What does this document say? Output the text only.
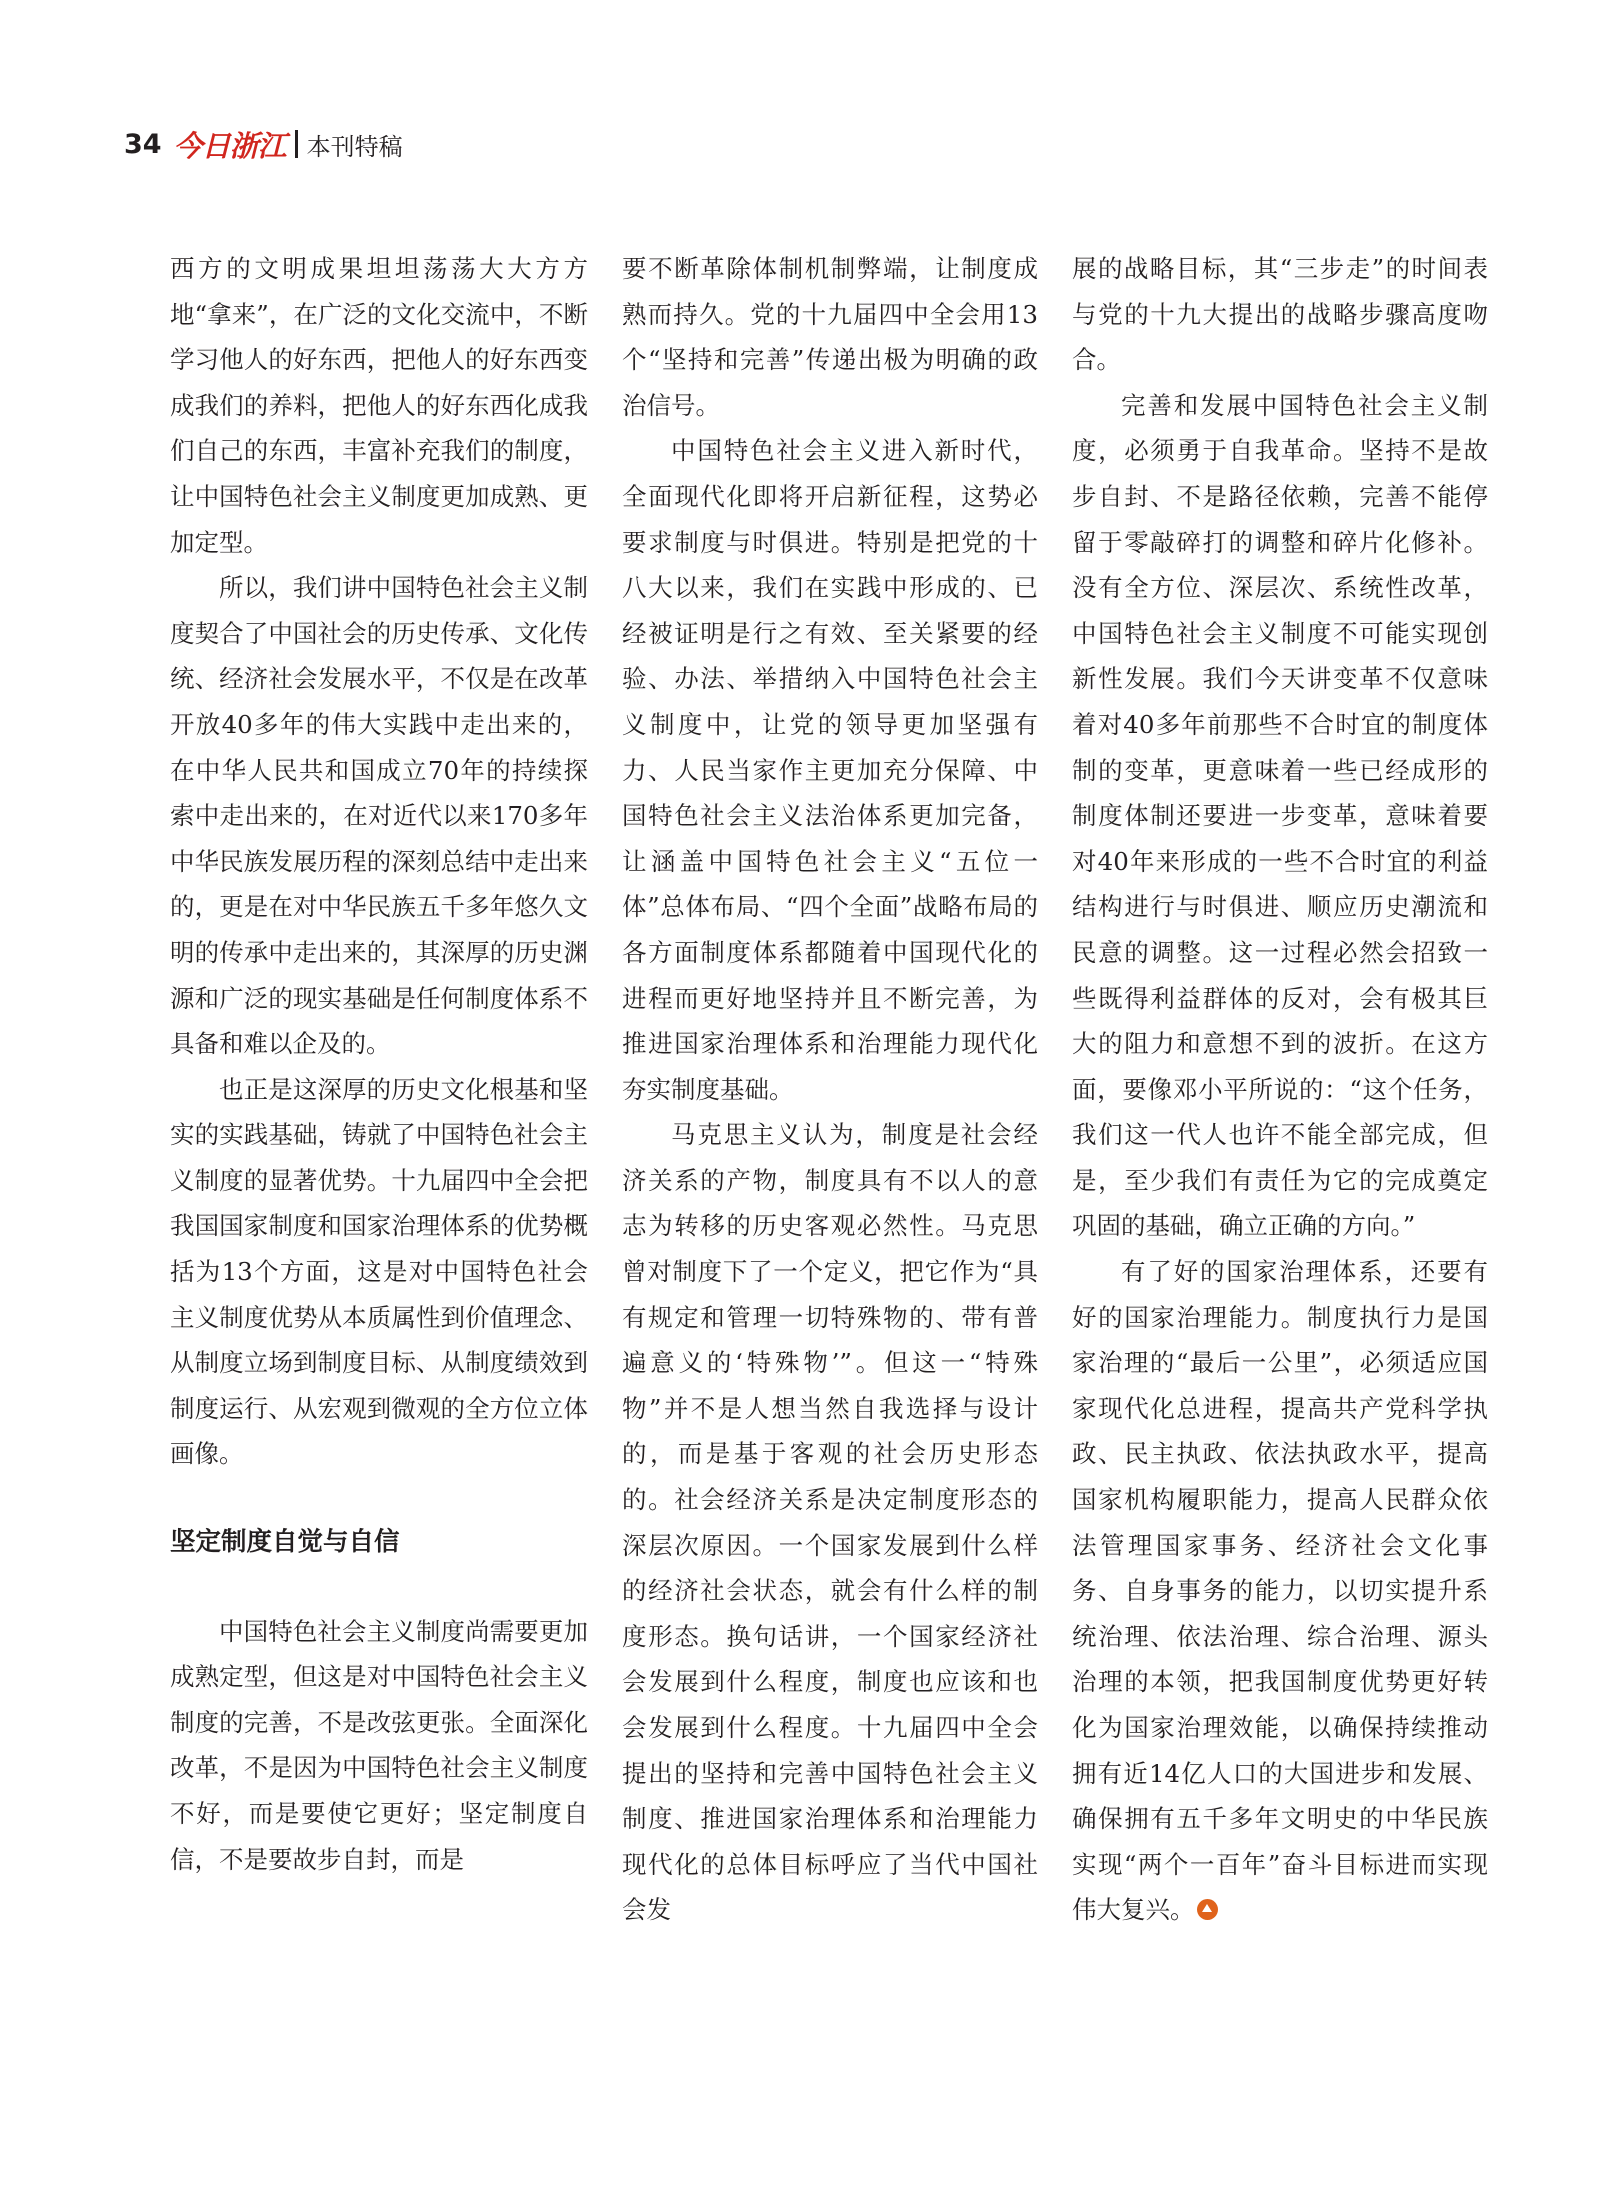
34 今日浙江 本刊特稿

西方的文明成果坦坦荡荡大大方方地“拿来”，在广泛的文化交流中，不断学习他人的好东西，把他人的好东西变成我们的养料，把他人的好东西化成我们自己的东西，丰富补充我们的制度，让中国特色社会主义制度更加成熟、更加定型。

所以，我们讲中国特色社会主义制度契合了中国社会的历史传承、文化传统、经济社会发展水平，不仅是在改革开放40多年的伟大实践中走出来的，在中华人民共和国成立70年的持续探索中走出来的，在对近代以来170多年中华民族发展历程的深刻总结中走出来的，更是在对中华民族五千多年悠久文明的传承中走出来的，其深厚的历史渊源和广泛的现实基础是任何制度体系不具备和难以企及的。

也正是这深厚的历史文化根基和坚实的实践基础，铸就了中国特色社会主义制度的显著优势。十九届四中全会把我国国家制度和国家治理体系的优势概括为13个方面，这是对中国特色社会主义制度优势从本质属性到价值理念、从制度立场到制度目标、从制度绩效到制度运行、从宏观到微观的全方位立体画像。

坚定制度自觉与自信

中国特色社会主义制度尚需要更加成熟定型，但这是对中国特色社会主义制度的完善，不是改弦更张。全面深化改革，不是因为中国特色社会主义制度不好，而是要使它更好；坚定制度自信，不是要故步自封，而是

要不断革除体制机制弊端，让制度成熟而持久。党的十九届四中全会用13个“坚持和完善”传递出极为明确的政治信号。

中国特色社会主义进入新时代，全面现代化即将开启新征程，这势必要求制度与时俱进。特别是把党的十八大以来，我们在实践中形成的、已经被证明是行之有效、至关紧要的经验、办法、举措纳入中国特色社会主义制度中，让党的领导更加坚强有力、人民当家作主更加充分保障、中国特色社会主义法治体系更加完备，让涵盖中国特色社会主义“五位一体”总体布局、“四个全面”战略布局的各方面制度体系都随着中国现代化的进程而更好地坚持并且不断完善，为推进国家治理体系和治理能力现代化夯实制度基础。

马克思主义认为，制度是社会经济关系的产物，制度具有不以人的意志为转移的历史客观必然性。马克思曾对制度下了一个定义，把它作为“具有规定和管理一切特殊物的、带有普遍意义的‘特殊物’”。但这一“特殊物”并不是人想当然自我选择与设计的，而是基于客观的社会历史形态的。社会经济关系是决定制度形态的深层次原因。一个国家发展到什么样的经济社会状态，就会有什么样的制度形态。换句话讲，一个国家经济社会发展到什么程度，制度也应该和也会发展到什么程度。十九届四中全会提出的坚持和完善中国特色社会主义制度、推进国家治理体系和治理能力现代化的总体目标呼应了当代中国社会发

展的战略目标，其“三步走”的时间表与党的十九大提出的战略步骤高度吻合。

完善和发展中国特色社会主义制度，必须勇于自我革命。坚持不是故步自封、不是路径依赖，完善不能停留于零敲碎打的调整和碎片化修补。没有全方位、深层次、系统性改革，中国特色社会主义制度不可能实现创新性发展。我们今天讲变革不仅意味着对40多年前那些不合时宜的制度体制的变革，更意味着一些已经成形的制度体制还要进一步变革，意味着要对40年来形成的一些不合时宜的利益结构进行与时俱进、顺应历史潮流和民意的调整。这一过程必然会招致一些既得利益群体的反对，会有极其巨大的阻力和意想不到的波折。在这方面，要像邓小平所说的：“这个任务，我们这一代人也许不能全部完成，但是，至少我们有责任为它的完成奠定巩固的基础，确立正确的方向。”

有了好的国家治理体系，还要有好的国家治理能力。制度执行力是国家治理的“最后一公里”，必须适应国家现代化总进程，提高共产党科学执政、民主执政、依法执政水平，提高国家机构履职能力，提高人民群众依法管理国家事务、经济社会文化事务、自身事务的能力，以切实提升系统治理、依法治理、综合治理、源头治理的本领，把我国制度优势更好转化为国家治理效能，以确保持续推动拥有近14亿人口的大国进步和发展、确保拥有五千多年文明史的中华民族实现“两个一百年”奋斗目标进而实现伟大复兴。
